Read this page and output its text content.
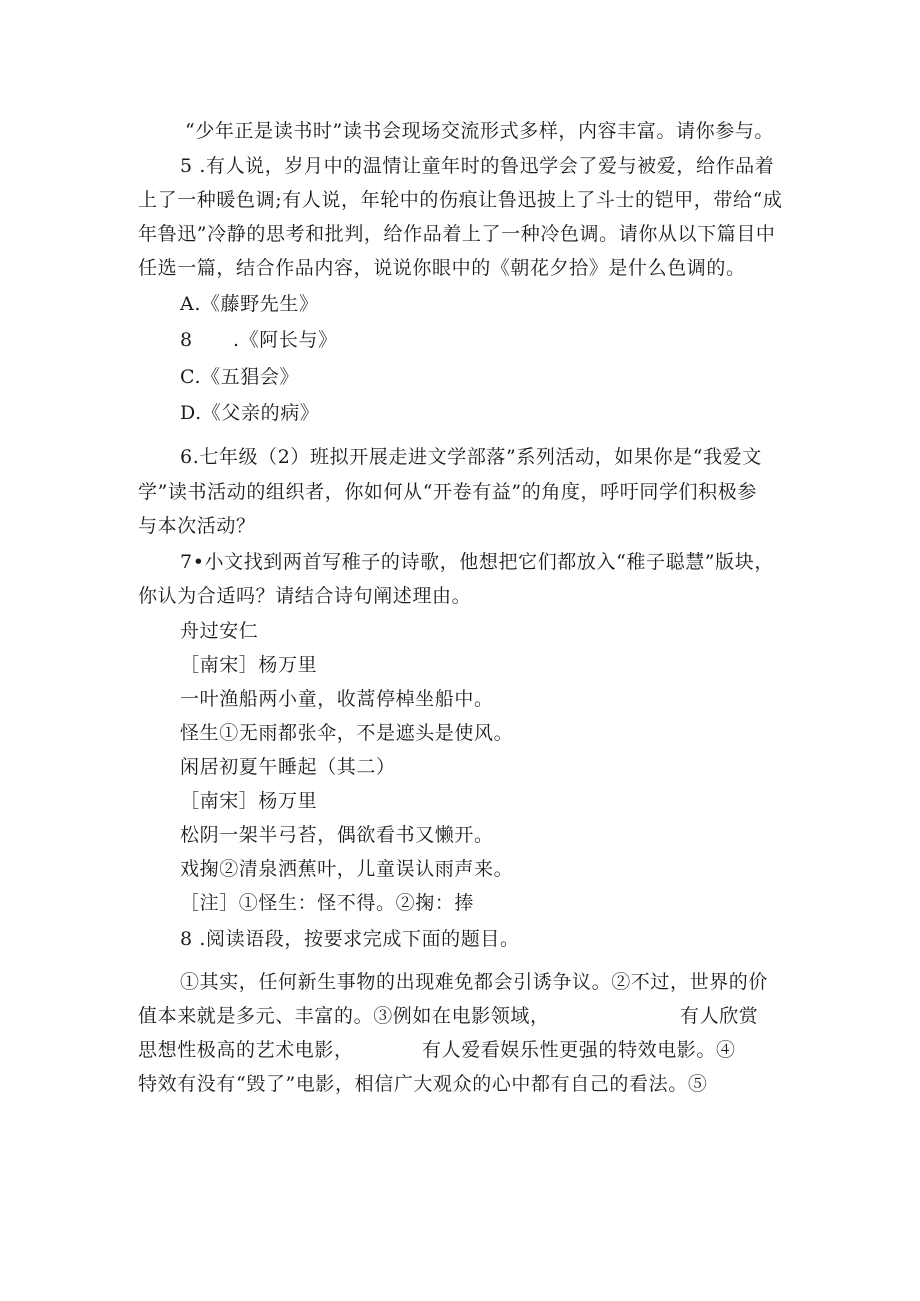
“少年正是读书时”读书会现场交流形式多样，内容丰富。请你参与。
5 .有人说，岁月中的温情让童年时的鲁迅学会了爱与被爱，给作品着
上了一种暖色调;有人说，年轮中的伤痕让鲁迅披上了斗士的铠甲，带给“成
年鲁迅”冷静的思考和批判，给作品着上了一种冷色调。请你从以下篇目中
任选一篇，结合作品内容，说说你眼中的《朝花夕拾》是什么色调的。
A.《藤野先生》
8 .《阿长与》
C.《五猖会》
D.《父亲的病》
6.七年级（2）班拟开展走进文学部落”系列活动，如果你是“我爱文
学”读书活动的组织者，你如何从“开卷有益”的角度，呼吁同学们积极参
与本次活动？
7•小文找到两首写稚子的诗歌，他想把它们都放入“稚子聪慧”版块，
你认为合适吗？请结合诗句阐述理由。
舟过安仁
［南宋］杨万里
一叶渔船两小童，收蒿停棹坐船中。
怪生①无雨都张伞，不是遮头是使风。
闲居初夏午睡起（其二）
［南宋］杨万里
松阴一架半弓苔，偶欲看书又懒开。
戏掬②清泉洒蕉叶，儿童误认雨声来。
［注］①怪生：怪不得。②掬：捧
8 .阅读语段，按要求完成下面的题目。
①其实，任何新生事物的出现难免都会引诱争议。②不过，世界的价
值本来就是多元、丰富的。③例如在电影领域，	有人欣赏
思想性极高的艺术电影，	有人爱看娱乐性更强的特效电影。④
特效有没有“毁了”电影，相信广大观众的心中都有自己的看法。⑤
